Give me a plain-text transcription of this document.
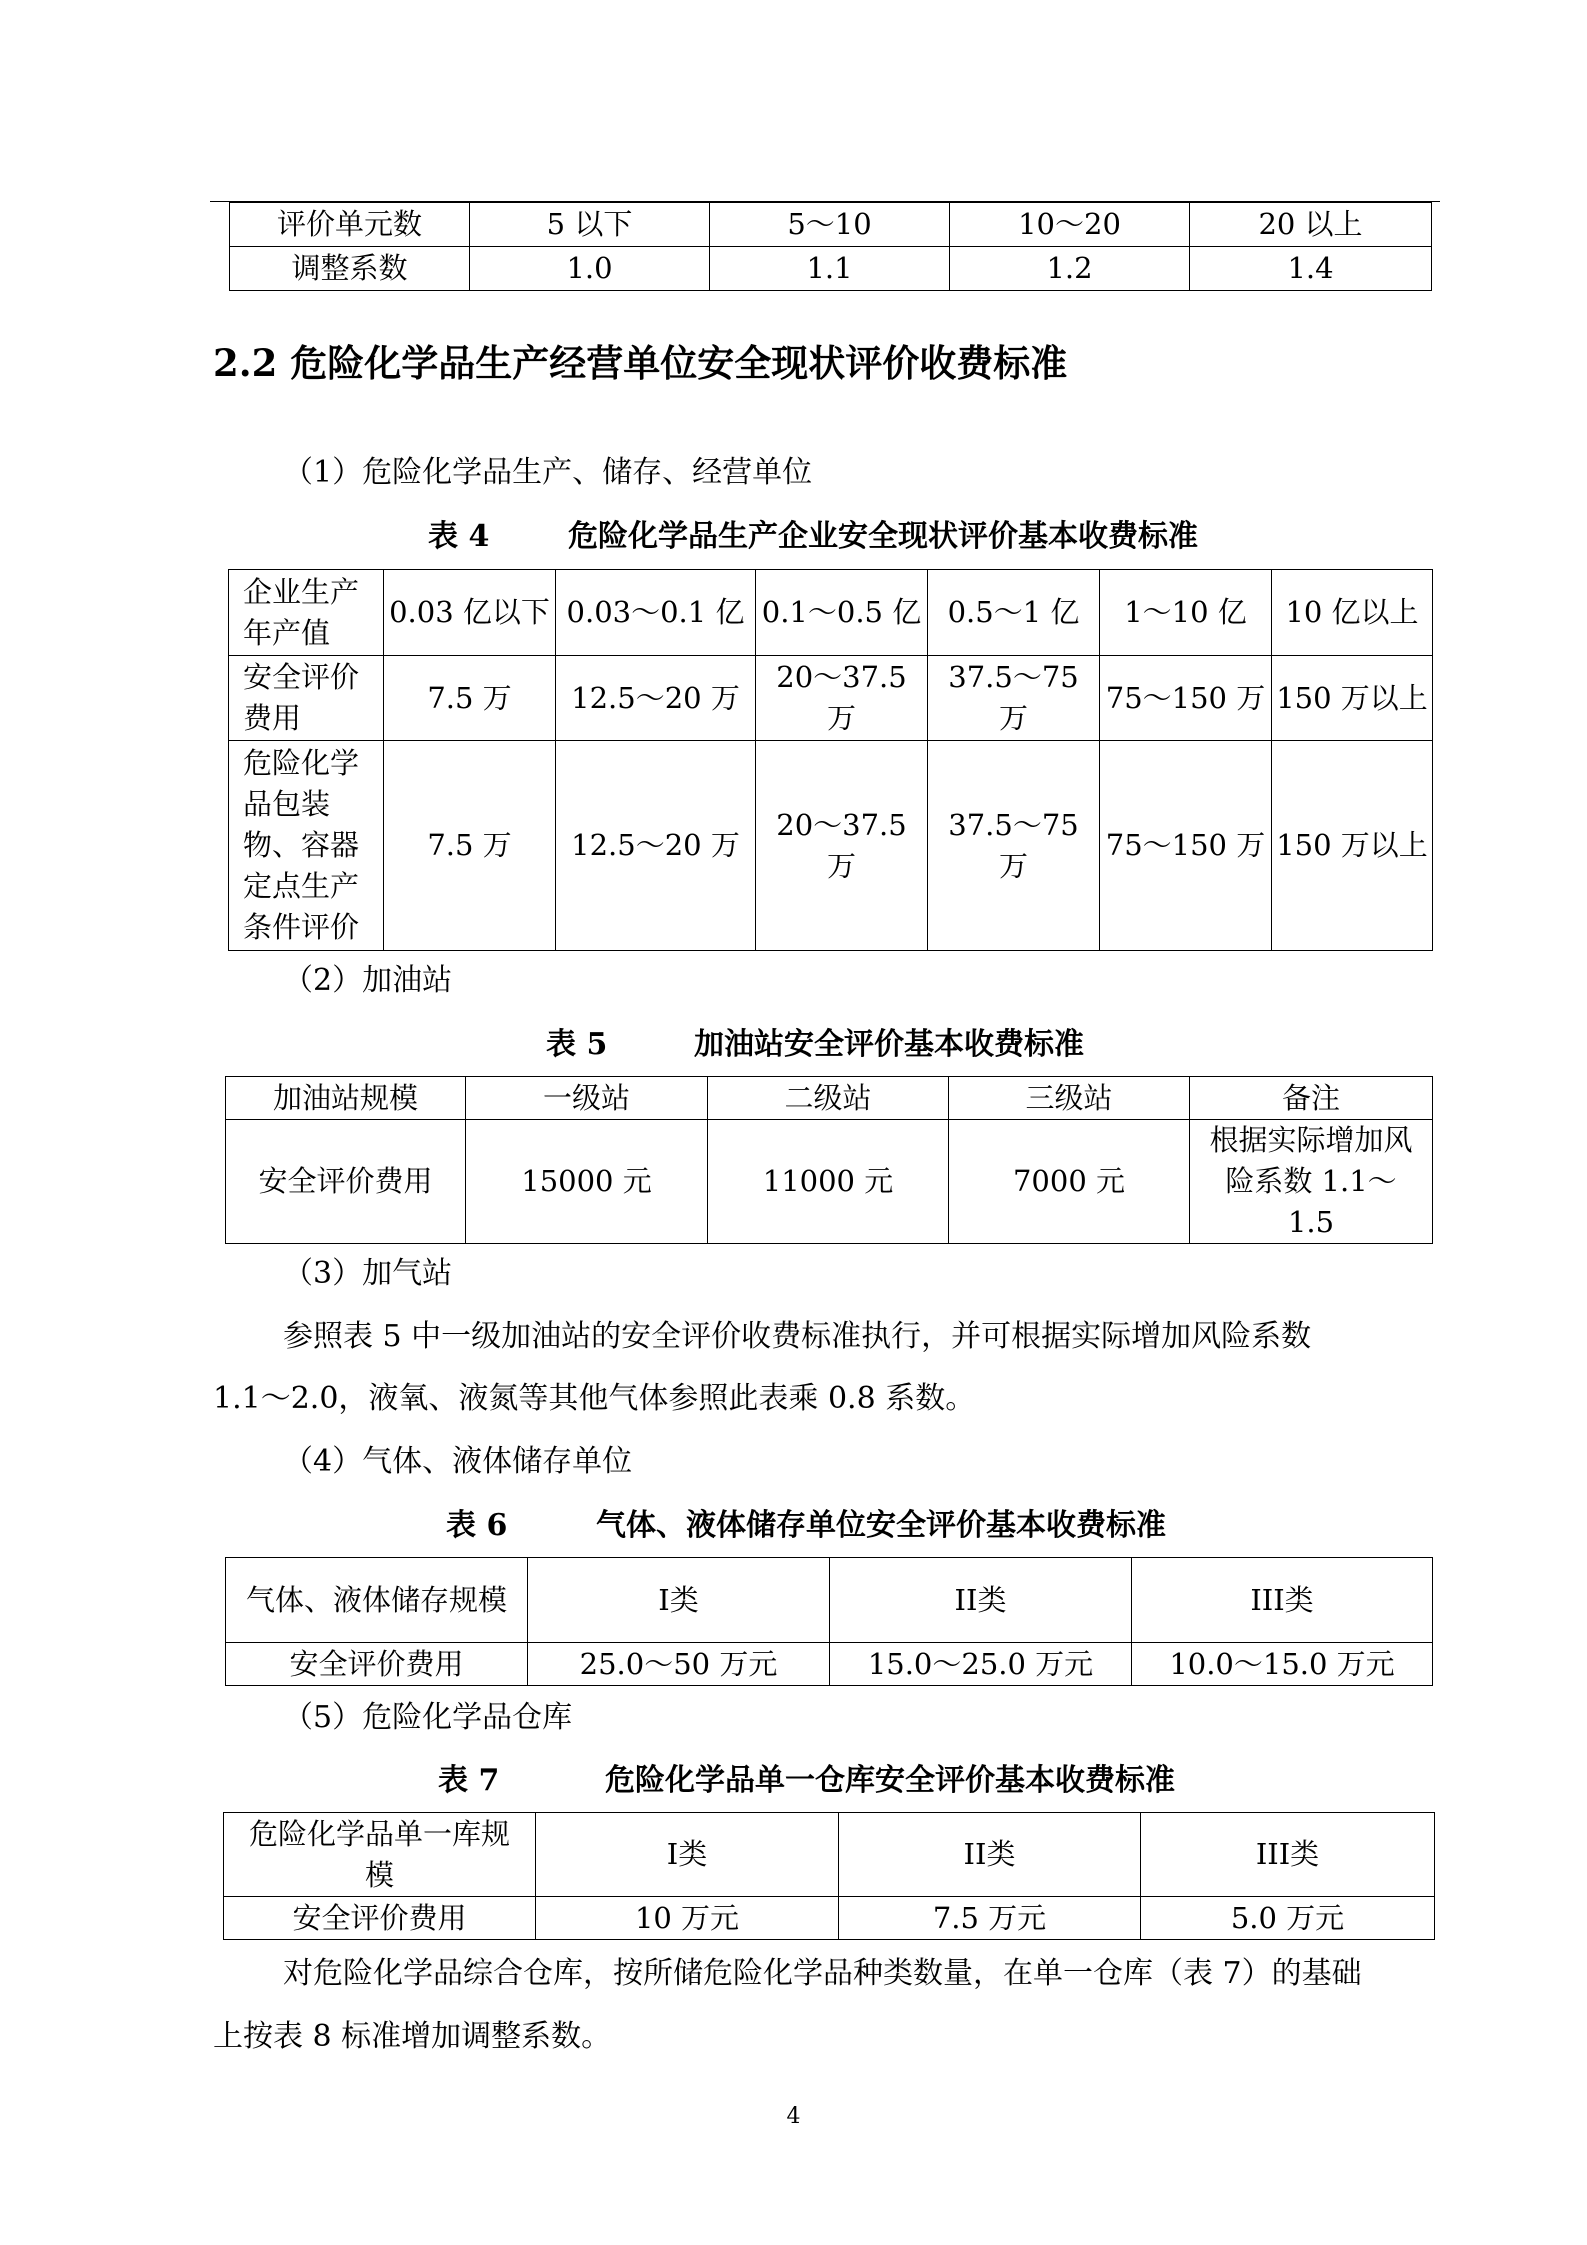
评价单元数	5 以下	5～10	10～20	20 以上
调整系数	1.0	1.1	1.2	1.4
2.2 危险化学品生产经营单位安全现状评价收费标准
（1）危险化学品生产、储存、经营单位
表 4	危险化学品生产企业安全现状评价基本收费标准
企业生产年产值	0.03 亿以下	0.03～0.1 亿	0.1～0.5 亿	0.5～1 亿	1～10 亿	10 亿以上
安全评价费用	7.5 万	12.5～20 万	20～37.5 万	37.5～75 万	75～150 万	150 万以上
危险化学品包装物、容器定点生产条件评价	7.5 万	12.5～20 万	20～37.5 万	37.5～75 万	75～150 万	150 万以上
（2）加油站
表 5	加油站安全评价基本收费标准
加油站规模	一级站	二级站	三级站	备注
安全评价费用	15000 元	11000 元	7000 元	根据实际增加风险系数 1.1～1.5
（3）加气站
参照表 5 中一级加油站的安全评价收费标准执行，并可根据实际增加风险系数
1.1～2.0，液氧、液氮等其他气体参照此表乘 0.8 系数。
（4）气体、液体储存单位
表 6	气体、液体储存单位安全评价基本收费标准
气体、液体储存规模	I类	II类	III类
安全评价费用	25.0～50 万元	15.0～25.0 万元	10.0～15.0 万元
（5）危险化学品仓库
表 7	危险化学品单一仓库安全评价基本收费标准
危险化学品单一库规模	I类	II类	III类
安全评价费用	10 万元	7.5 万元	5.0 万元
对危险化学品综合仓库，按所储危险化学品种类数量，在单一仓库（表 7）的基础
上按表 8 标准增加调整系数。
4
